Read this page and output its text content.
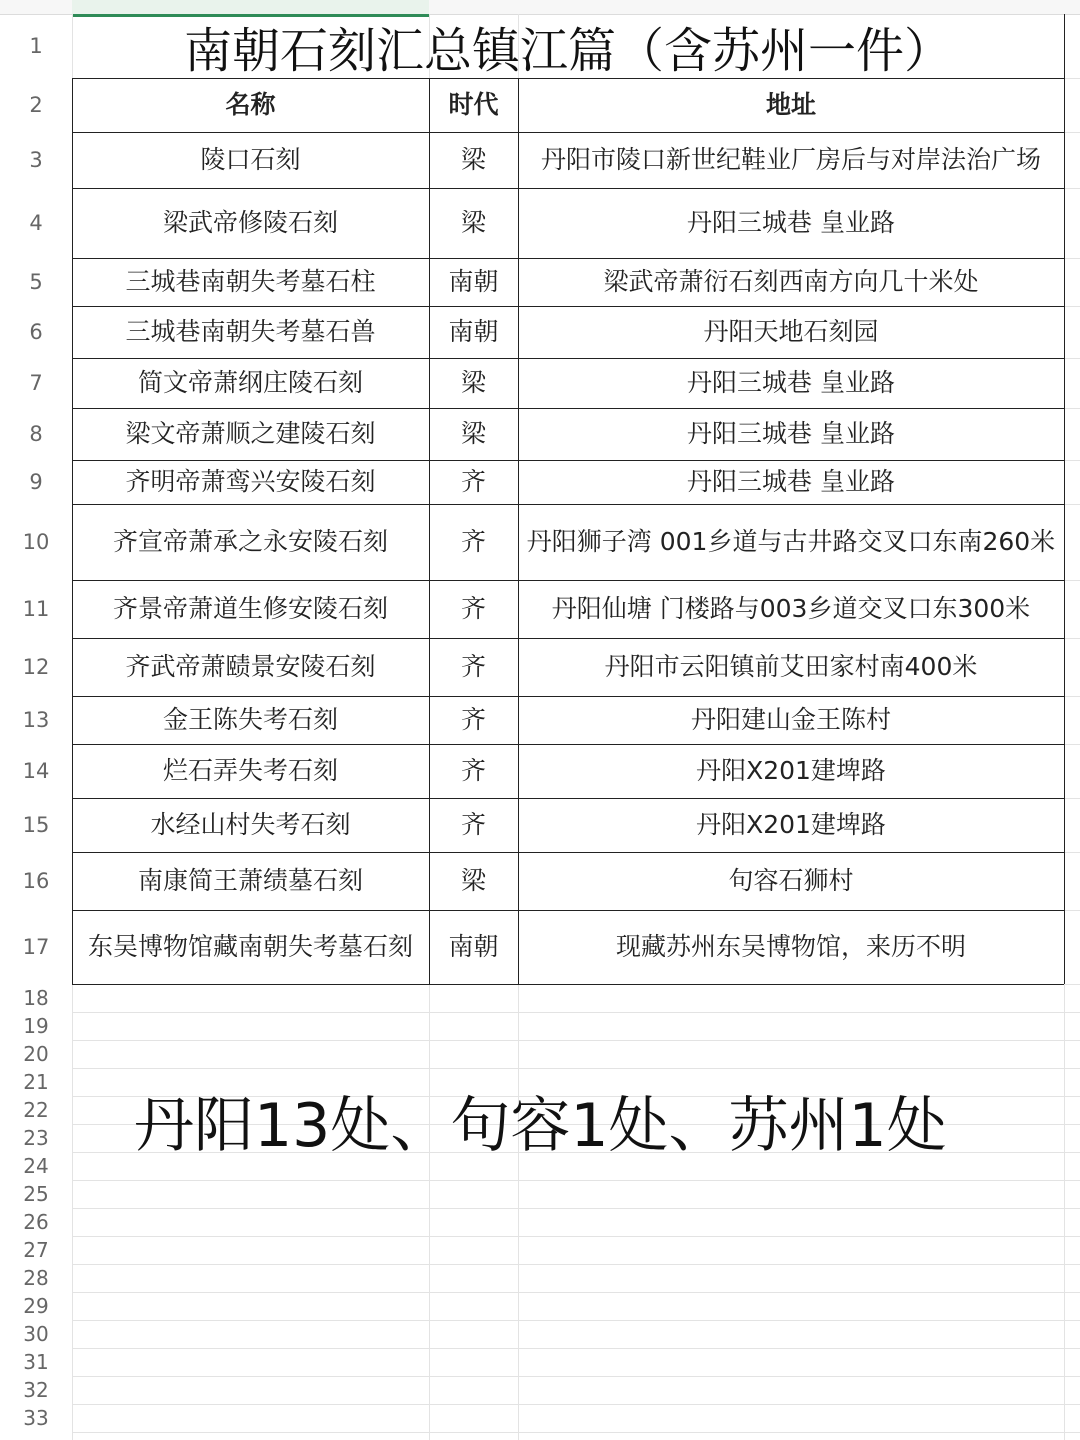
1
2
3
4
5
6
7
8
9
10
11
12
13
14
15
16
17
18
19
20
21
22
23
24
25
26
27
28
29
30
31
32
33
南朝石刻汇总镇江篇（含苏州一件）
名称	时代	地址
陵口石刻	梁	丹阳市陵口新世纪鞋业厂房后与对岸法治广场
梁武帝修陵石刻	梁	丹阳三城巷 皇业路
三城巷南朝失考墓石柱	南朝	梁武帝萧衍石刻西南方向几十米处
三城巷南朝失考墓石兽	南朝	丹阳天地石刻园
简文帝萧纲庄陵石刻	梁	丹阳三城巷 皇业路
梁文帝萧顺之建陵石刻	梁	丹阳三城巷 皇业路
齐明帝萧鸾兴安陵石刻	齐	丹阳三城巷 皇业路
齐宣帝萧承之永安陵石刻	齐	丹阳狮子湾 001乡道与古井路交叉口东南260米
齐景帝萧道生修安陵石刻	齐	丹阳仙塘 门楼路与003乡道交叉口东300米
齐武帝萧赜景安陵石刻	齐	丹阳市云阳镇前艾田家村南400米
金王陈失考石刻	齐	丹阳建山金王陈村
烂石弄失考石刻	齐	丹阳X201建埤路
水经山村失考石刻	齐	丹阳X201建埤路
南康简王萧绩墓石刻	梁	句容石狮村
东吴博物馆藏南朝失考墓石刻	南朝	现藏苏州东吴博物馆，来历不明
丹阳13处、句容1处、苏州1处
